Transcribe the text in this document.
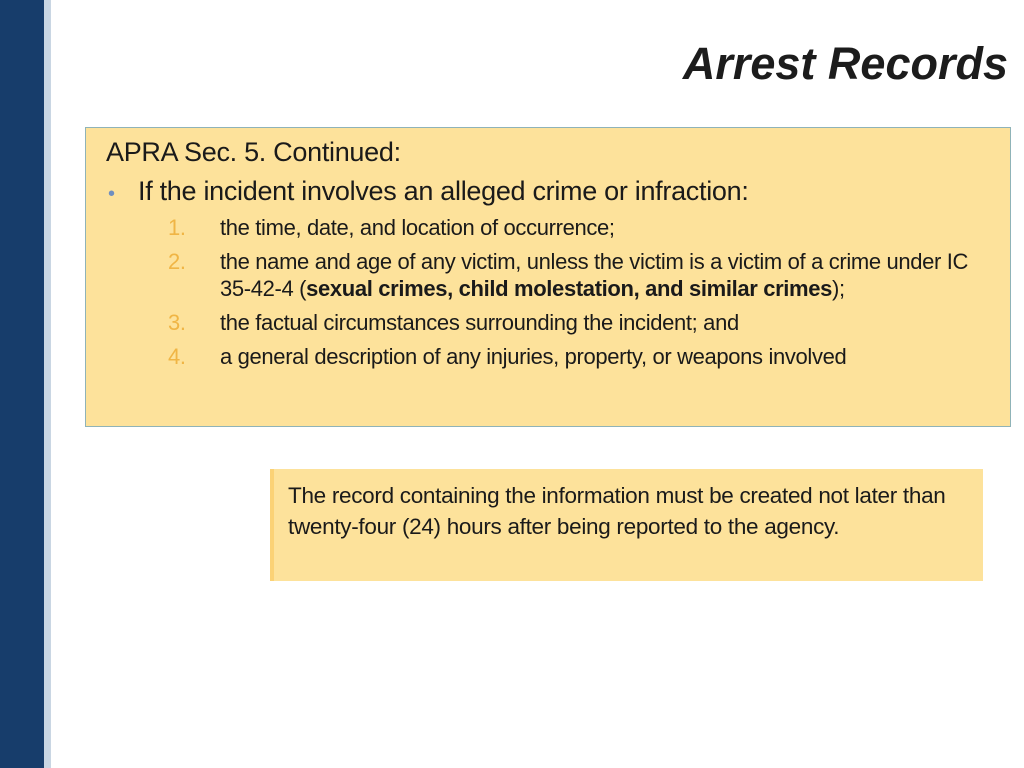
Arrest Records
APRA Sec. 5. Continued:
• If the incident involves an alleged crime or infraction:
1.	the time, date, and location of occurrence;
2.	the name and age of any victim, unless the victim is a victim of a crime under IC 35-42-4 (sexual crimes, child molestation, and similar crimes);
3.	the factual circumstances surrounding the incident; and
4.	a general description of any injuries, property, or weapons involved
The record containing the information must be created not later than twenty-four (24) hours after being reported to the agency.
